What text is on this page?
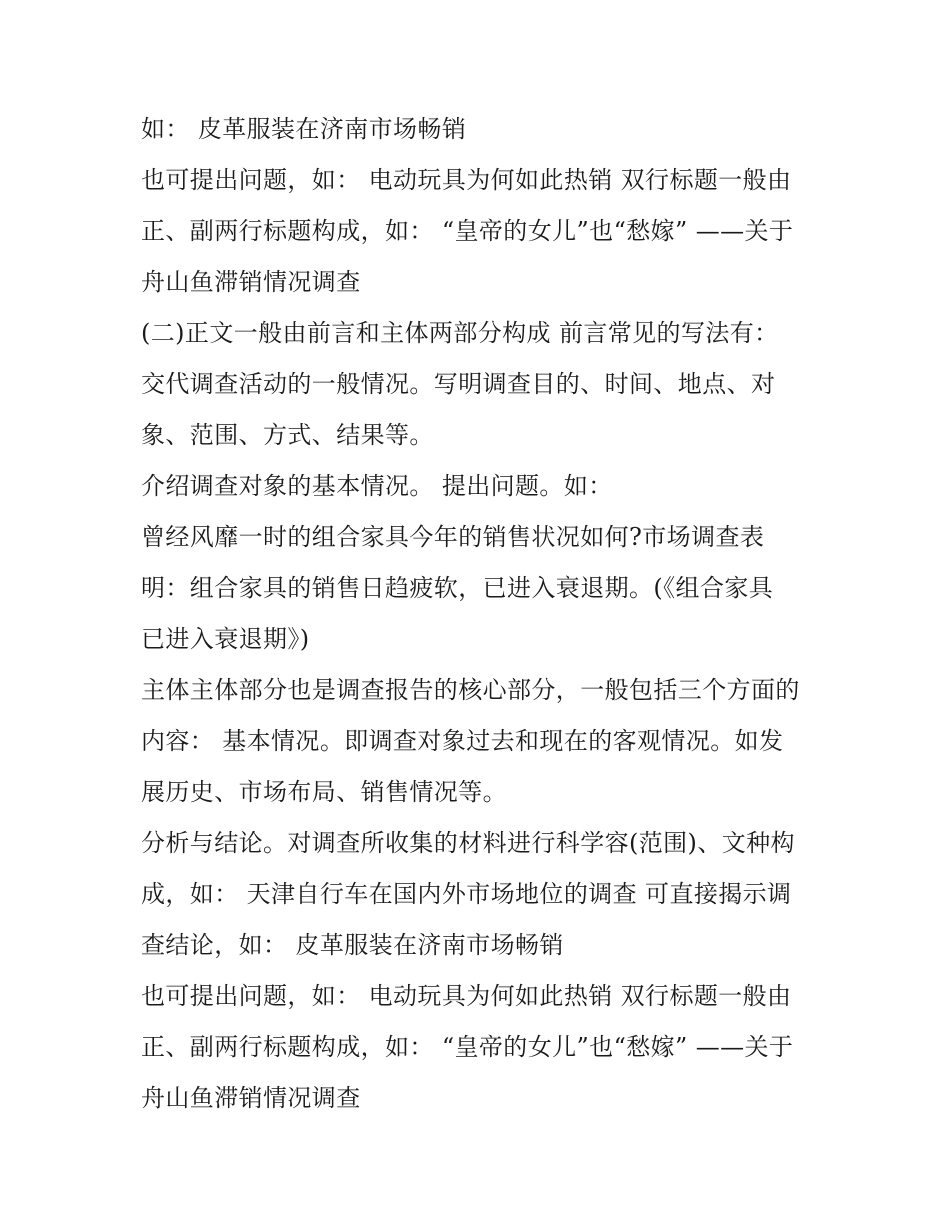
如： 皮革服装在济南市场畅销
也可提出问题，如： 电动玩具为何如此热销 双行标题一般由
正、副两行标题构成，如： “皇帝的女儿”也“愁嫁” ——关于
舟山鱼滞销情况调查
(二)正文一般由前言和主体两部分构成 前言常见的写法有：
交代调查活动的一般情况。写明调查目的、时间、地点、对
象、范围、方式、结果等。
介绍调查对象的基本情况。 提出问题。如：
曾经风靡一时的组合家具今年的销售状况如何?市场调查表
明：组合家具的销售日趋疲软，已进入衰退期。(《组合家具
已进入衰退期》)
主体主体部分也是调查报告的核心部分，一般包括三个方面的
内容： 基本情况。即调查对象过去和现在的客观情况。如发
展历史、市场布局、销售情况等。
分析与结论。对调查所收集的材料进行科学容(范围)、文种构
成，如： 天津自行车在国内外市场地位的调查 可直接揭示调
查结论，如： 皮革服装在济南市场畅销
也可提出问题，如： 电动玩具为何如此热销 双行标题一般由
正、副两行标题构成，如： “皇帝的女儿”也“愁嫁” ——关于
舟山鱼滞销情况调查
